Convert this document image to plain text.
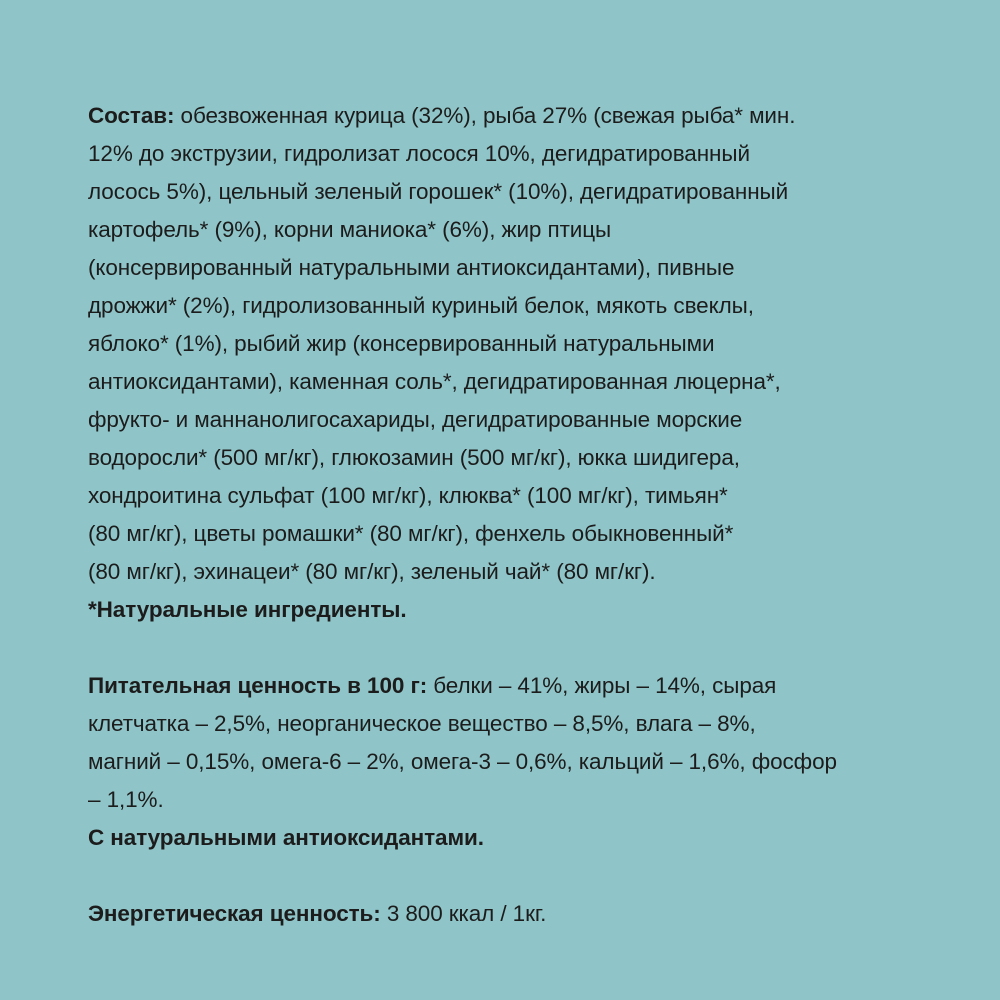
Состав: обезвоженная курица (32%), рыба 27% (свежая рыба* мин.
12% до экструзии, гидролизат лосося 10%, дегидратированный
лосось 5%), цельный зеленый горошек* (10%), дегидратированный
картофель* (9%), корни маниока* (6%), жир птицы
(консервированный натуральными антиоксидантами), пивные
дрожжи* (2%), гидролизованный куриный белок, мякоть свеклы,
яблоко* (1%), рыбий жир (консервированный натуральными
антиоксидантами), каменная соль*, дегидратированная люцерна*,
фрукто- и маннанолигосахариды, дегидратированные морские
водоросли* (500 мг/кг), глюкозамин (500 мг/кг), юкка шидигера,
хондроитина сульфат (100 мг/кг), клюква* (100 мг/кг), тимьян*
(80 мг/кг), цветы ромашки* (80 мг/кг), фенхель обыкновенный*
(80 мг/кг), эхинацеи* (80 мг/кг), зеленый чай* (80 мг/кг).
*Натуральные ингредиенты.
Питательная ценность в 100 г: белки – 41%, жиры – 14%, сырая
клетчатка – 2,5%, неорганическое вещество – 8,5%, влага – 8%,
магний – 0,15%, омега-6 – 2%, омега-3 – 0,6%, кальций – 1,6%, фосфор
– 1,1%.
С натуральными антиоксидантами.
Энергетическая ценность: 3 800 ккал / 1кг.
